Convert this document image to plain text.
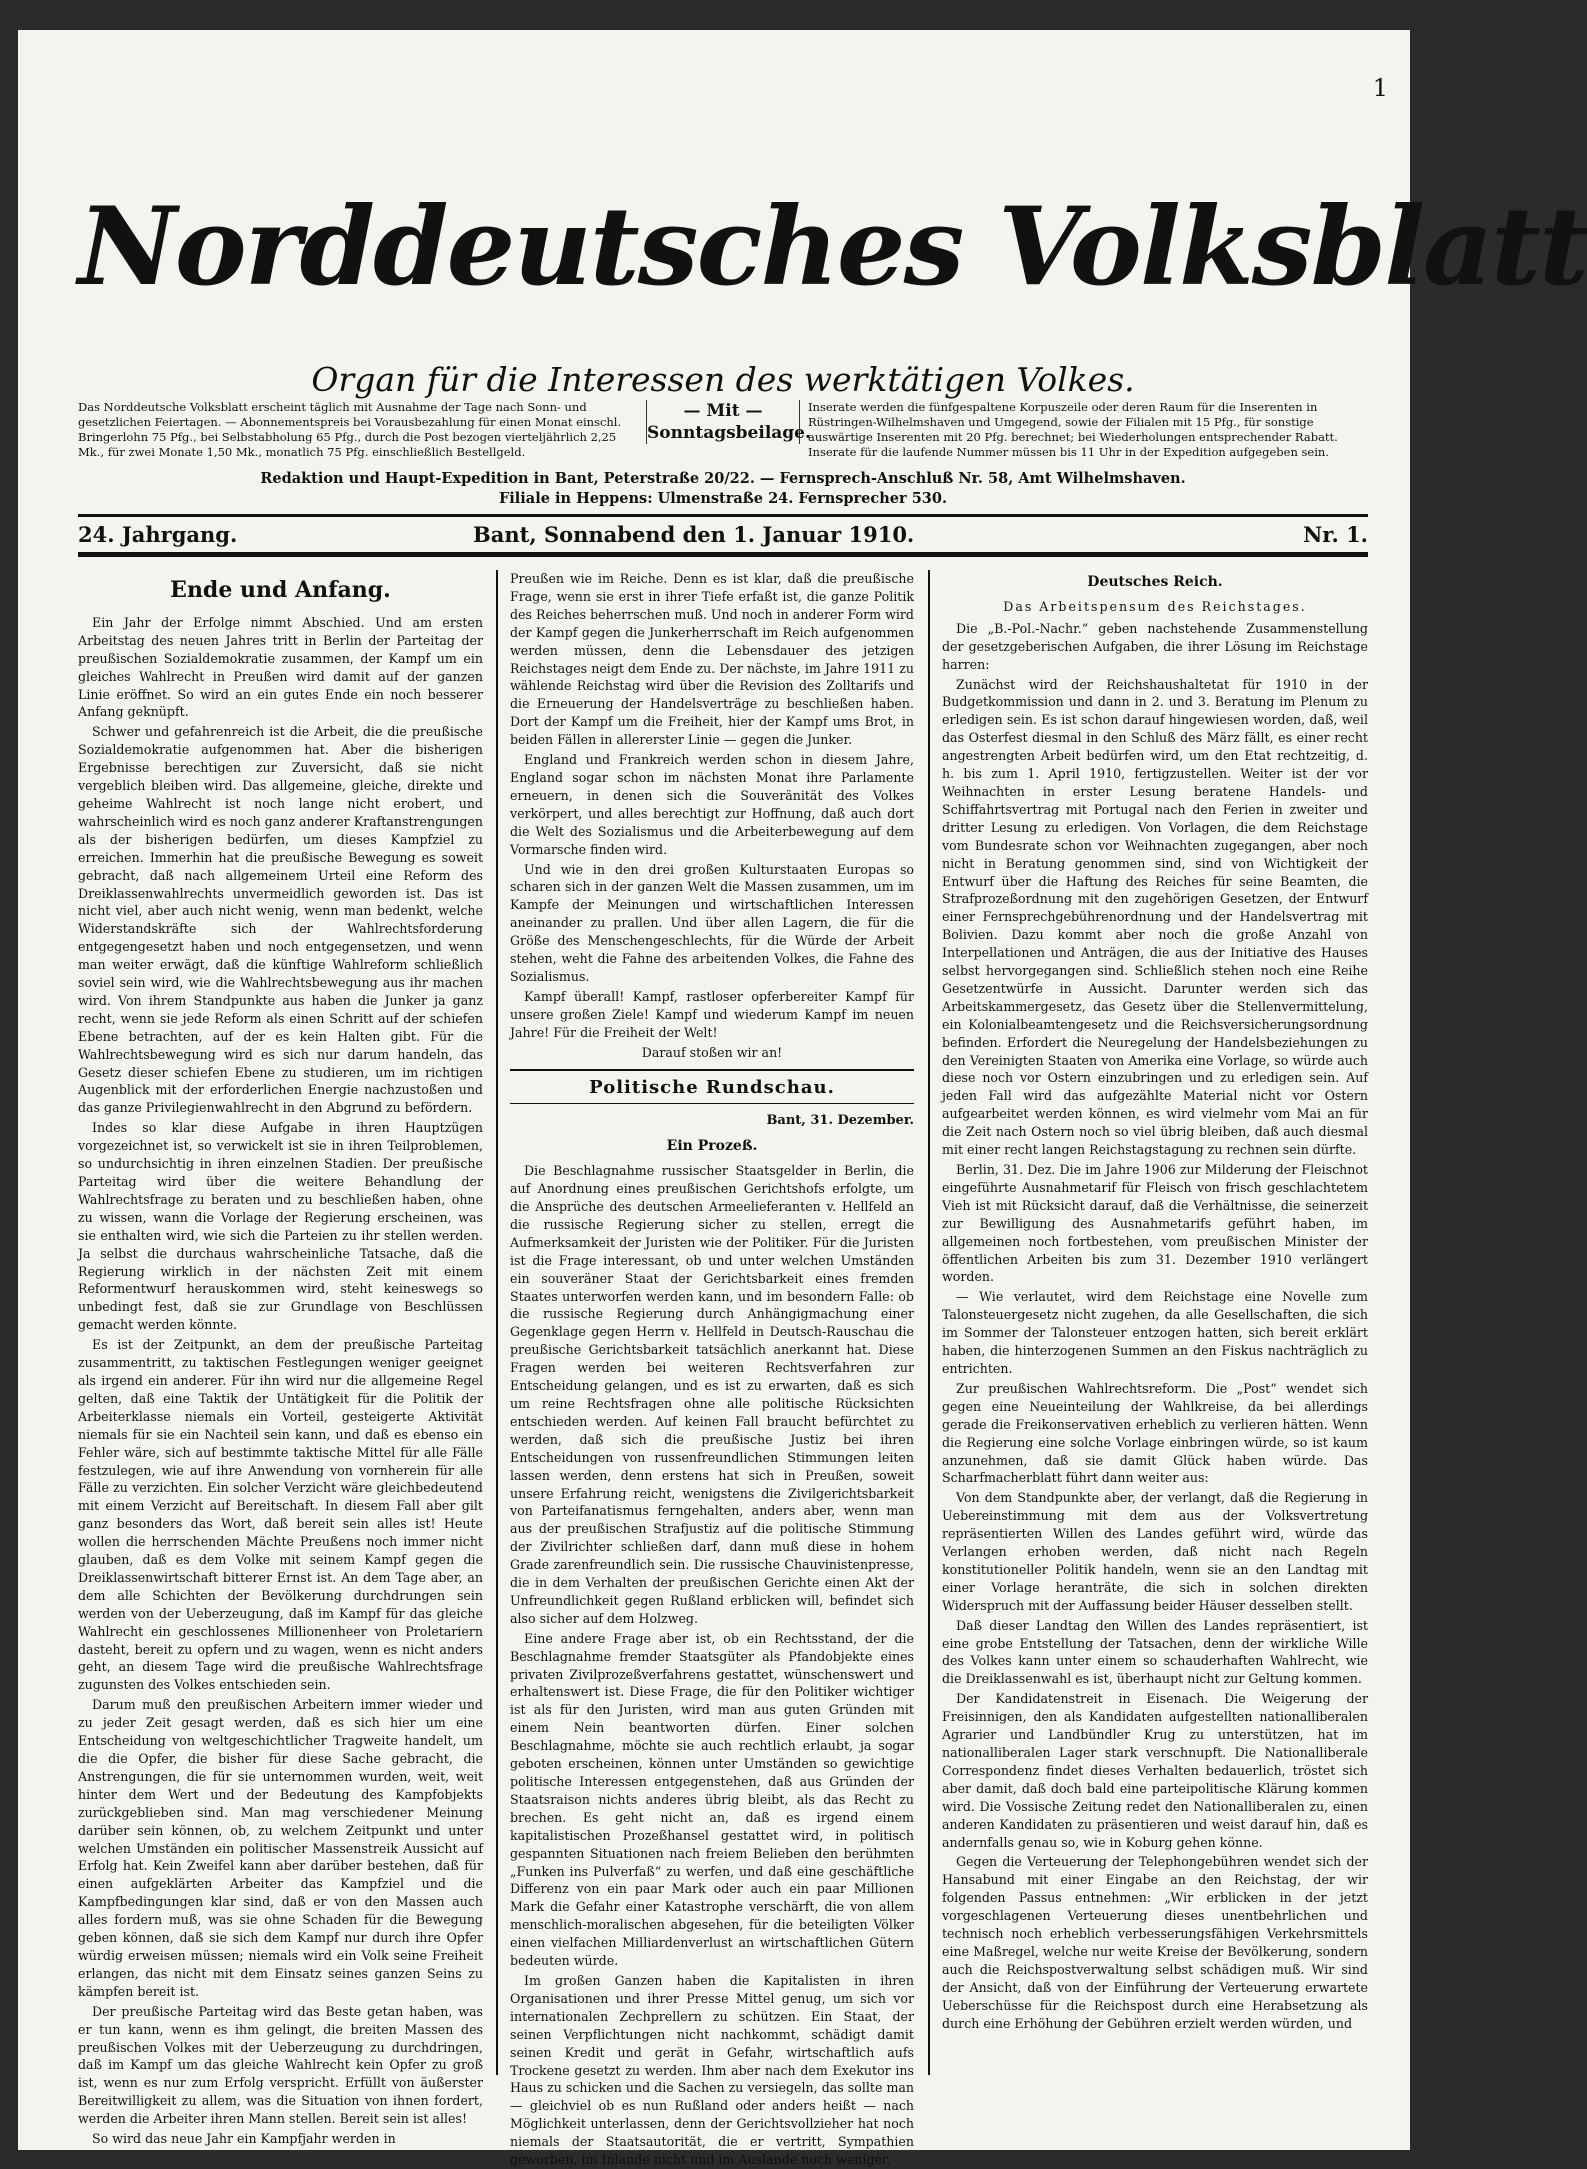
1
Norddeutsches Volksblatt
Organ für die Interessen des werktätigen Volkes.
Das Norddeutsche Volksblatt erscheint täglich mit Ausnahme der Tage nach Sonn- und gesetzlichen Feiertagen. — Abonnementspreis bei Vorausbezahlung für einen Monat einschl. Bringerlohn 75 Pfg., bei Selbstabholung 65 Pfg., durch die Post bezogen vierteljährlich 2,25 Mk., für zwei Monate 1,50 Mk., monatlich 75 Pfg. einschließlich Bestellgeld.
— Mit — Sonntagsbeilage.
Inserate werden die fünfgespaltene Korpuszeile oder deren Raum für die Inserenten in Rüstringen-Wilhelmshaven und Umgegend, sowie der Filialen mit 15 Pfg., für sonstige auswärtige Inserenten mit 20 Pfg. berechnet; bei Wiederholungen entsprechender Rabatt. Inserate für die laufende Nummer müssen bis 11 Uhr in der Expedition aufgegeben sein.
Redaktion und Haupt-Expedition in Bant, Peterstraße 20/22. — Fernsprech-Anschluß Nr. 58, Amt Wilhelmshaven.
Filiale in Heppens: Ulmenstraße 24. Fernsprecher 530.
24. Jahrgang.	Bant, Sonnabend den 1. Januar 1910.	Nr. 1.
Ende und Anfang.

Ein Jahr der Erfolge nimmt Abschied. Und am ersten Arbeitstag des neuen Jahres tritt in Berlin der Parteitag der preußischen Sozialdemokratie zusammen, der Kampf um ein gleiches Wahlrecht in Preußen wird damit auf der ganzen Linie eröffnet. So wird an ein gutes Ende ein noch besserer Anfang geknüpft.

Schwer und gefahrenreich ist die Arbeit, die die preußische Sozialdemokratie aufgenommen hat. Aber die bisherigen Ergebnisse berechtigen zur Zuversicht, daß sie nicht vergeblich bleiben wird. Das allgemeine, gleiche, direkte und geheime Wahlrecht ist noch lange nicht erobert, und wahrscheinlich wird es noch ganz anderer Kraftanstrengungen als der bisherigen bedürfen, um dieses Kampfziel zu erreichen. Immerhin hat die preußische Bewegung es soweit gebracht, daß nach allgemeinem Urteil eine Reform des Dreiklassenwahlrechts unvermeidlich geworden ist. Das ist nicht viel, aber auch nicht wenig, wenn man bedenkt, welche Widerstandskräfte sich der Wahlrechtsforderung entgegengesetzt haben und noch entgegensetzen, und wenn man weiter erwägt, daß die künftige Wahlreform schließlich soviel sein wird, wie die Wahlrechtsbewegung aus ihr machen wird. Von ihrem Standpunkte aus haben die Junker ja ganz recht, wenn sie jede Reform als einen Schritt auf der schiefen Ebene betrachten, auf der es kein Halten gibt. Für die Wahlrechtsbewegung wird es sich nur darum handeln, das Gesetz dieser schiefen Ebene zu studieren, um im richtigen Augenblick mit der erforderlichen Energie nachzustoßen und das ganze Privilegienwahlrecht in den Abgrund zu befördern.

Indes so klar diese Aufgabe in ihren Hauptzügen vorgezeichnet ist, so verwickelt ist sie in ihren Teilproblemen, so undurchsichtig in ihren einzelnen Stadien. Der preußische Parteitag wird über die weitere Behandlung der Wahlrechtsfrage zu beraten und zu beschließen haben, ohne zu wissen, wann die Vorlage der Regierung erscheinen, was sie enthalten wird, wie sich die Parteien zu ihr stellen werden. Ja selbst die durchaus wahrscheinliche Tatsache, daß die Regierung wirklich in der nächsten Zeit mit einem Reformentwurf herauskommen wird, steht keineswegs so unbedingt fest, daß sie zur Grundlage von Beschlüssen gemacht werden könnte.

Es ist der Zeitpunkt, an dem der preußische Parteitag zusammentritt, zu taktischen Festlegungen weniger geeignet als irgend ein anderer. Für ihn wird nur die allgemeine Regel gelten, daß eine Taktik der Untätigkeit für die Politik der Arbeiterklasse niemals ein Vorteil, gesteigerte Aktivität niemals für sie ein Nachteil sein kann, und daß es ebenso ein Fehler wäre, sich auf bestimmte taktische Mittel für alle Fälle festzulegen, wie auf ihre Anwendung von vornherein für alle Fälle zu verzichten. Ein solcher Verzicht wäre gleichbedeutend mit einem Verzicht auf Bereitschaft. In diesem Fall aber gilt ganz besonders das Wort, daß bereit sein alles ist! Heute wollen die herrschenden Mächte Preußens noch immer nicht glauben, daß es dem Volke mit seinem Kampf gegen die Dreiklassenwirtschaft bitterer Ernst ist. An dem Tage aber, an dem alle Schichten der Bevölkerung durchdrungen sein werden von der Ueberzeugung, daß im Kampf für das gleiche Wahlrecht ein geschlossenes Millionenheer von Proletariern dasteht, bereit zu opfern und zu wagen, wenn es nicht anders geht, an diesem Tage wird die preußische Wahlrechtsfrage zugunsten des Volkes entschieden sein.

Darum muß den preußischen Arbeitern immer wieder und zu jeder Zeit gesagt werden, daß es sich hier um eine Entscheidung von weltgeschichtlicher Tragweite handelt, um die die Opfer, die bisher für diese Sache gebracht, die Anstrengungen, die für sie unternommen wurden, weit, weit hinter dem Wert und der Bedeutung des Kampfobjekts zurückgeblieben sind. Man mag verschiedener Meinung darüber sein können, ob, zu welchem Zeitpunkt und unter welchen Umständen ein politischer Massenstreik Aussicht auf Erfolg hat. Kein Zweifel kann aber darüber bestehen, daß für einen aufgeklärten Arbeiter das Kampfziel und die Kampfbedingungen klar sind, daß er von den Massen auch alles fordern muß, was sie ohne Schaden für die Bewegung geben können, daß sie sich dem Kampf nur durch ihre Opfer würdig erweisen müssen; niemals wird ein Volk seine Freiheit erlangen, das nicht mit dem Einsatz seines ganzen Seins zu kämpfen bereit ist.

Der preußische Parteitag wird das Beste getan haben, was er tun kann, wenn es ihm gelingt, die breiten Massen des preußischen Volkes mit der Ueberzeugung zu durchdringen, daß im Kampf um das gleiche Wahlrecht kein Opfer zu groß ist, wenn es nur zum Erfolg verspricht. Erfüllt von äußerster Bereitwilligkeit zu allem, was die Situation von ihnen fordert, werden die Arbeiter ihren Mann stellen. Bereit sein ist alles!

So wird das neue Jahr ein Kampfjahr werden in

Preußen wie im Reiche. Denn es ist klar, daß die preußische Frage, wenn sie erst in ihrer Tiefe erfaßt ist, die ganze Politik des Reiches beherrschen muß. Und noch in anderer Form wird der Kampf gegen die Junkerherrschaft im Reich aufgenommen werden müssen, denn die Lebensdauer des jetzigen Reichstages neigt dem Ende zu. Der nächste, im Jahre 1911 zu wählende Reichstag wird über die Revision des Zolltarifs und die Erneuerung der Handelsverträge zu beschließen haben. Dort der Kampf um die Freiheit, hier der Kampf ums Brot, in beiden Fällen in allererster Linie — gegen die Junker.

England und Frankreich werden schon in diesem Jahre, England sogar schon im nächsten Monat ihre Parlamente erneuern, in denen sich die Souveränität des Volkes verkörpert, und alles berechtigt zur Hoffnung, daß auch dort die Welt des Sozialismus und die Arbeiterbewegung auf dem Vormarsche finden wird.

Und wie in den drei großen Kulturstaaten Europas so scharen sich in der ganzen Welt die Massen zusammen, um im Kampfe der Meinungen und wirtschaftlichen Interessen aneinander zu prallen. Und über allen Lagern, die für die Größe des Menschengeschlechts, für die Würde der Arbeit stehen, weht die Fahne des arbeitenden Volkes, die Fahne des Sozialismus.

Kampf überall! Kampf, rastloser opferbereiter Kampf für unsere großen Ziele! Kampf und wiederum Kampf im neuen Jahre! Für die Freiheit der Welt!

Darauf stoßen wir an!

Politische Rundschau.
Bant, 31. Dezember.
Ein Prozeß.

Die Beschlagnahme russischer Staatsgelder in Berlin, die auf Anordnung eines preußischen Gerichtshofs erfolgte, um die Ansprüche des deutschen Armeelieferanten v. Hellfeld an die russische Regierung sicher zu stellen, erregt die Aufmerksamkeit der Juristen wie der Politiker. Für die Juristen ist die Frage interessant, ob und unter welchen Umständen ein souveräner Staat der Gerichtsbarkeit eines fremden Staates unterworfen werden kann, und im besondern Falle: ob die russische Regierung durch Anhängigmachung einer Gegenklage gegen Herrn v. Hellfeld in Deutsch-Rauschau die preußische Gerichtsbarkeit tatsächlich anerkannt hat. Diese Fragen werden bei weiteren Rechtsverfahren zur Entscheidung gelangen, und es ist zu erwarten, daß es sich um reine Rechtsfragen ohne alle politische Rücksichten entschieden werden. Auf keinen Fall braucht befürchtet zu werden, daß sich die preußische Justiz bei ihren Entscheidungen von russenfreundlichen Stimmungen leiten lassen werden, denn erstens hat sich in Preußen, soweit unsere Erfahrung reicht, wenigstens die Zivilgerichtsbarkeit von Parteifanatismus ferngehalten, anders aber, wenn man aus der preußischen Strafjustiz auf die politische Stimmung der Zivilrichter schließen darf, dann muß diese in hohem Grade zarenfreundlich sein. Die russische Chauvinistenpresse, die in dem Verhalten der preußischen Gerichte einen Akt der Unfreundlichkeit gegen Rußland erblicken will, befindet sich also sicher auf dem Holzweg.

Eine andere Frage aber ist, ob ein Rechtsstand, der die Beschlagnahme fremder Staatsgüter als Pfandobjekte eines privaten Zivilprozeßverfahrens gestattet, wünschenswert und erhaltenswert ist. Diese Frage, die für den Politiker wichtiger ist als für den Juristen, wird man aus guten Gründen mit einem Nein beantworten dürfen. Einer solchen Beschlagnahme, möchte sie auch rechtlich erlaubt, ja sogar geboten erscheinen, können unter Umständen so gewichtige politische Interessen entgegenstehen, daß aus Gründen der Staatsraison nichts anderes übrig bleibt, als das Recht zu brechen. Es geht nicht an, daß es irgend einem kapitalistischen Prozeßhansel gestattet wird, in politisch gespannten Situationen nach freiem Belieben den berühmten „Funken ins Pulverfaß“ zu werfen, und daß eine geschäftliche Differenz von ein paar Mark oder auch ein paar Millionen Mark die Gefahr einer Katastrophe verschärft, die von allem menschlich-moralischen abgesehen, für die beteiligten Völker einen vielfachen Milliardenverlust an wirtschaftlichen Gütern bedeuten würde.

Im großen Ganzen haben die Kapitalisten in ihren Organisationen und ihrer Presse Mittel genug, um sich vor internationalen Zechprellern zu schützen. Ein Staat, der seinen Verpflichtungen nicht nachkommt, schädigt damit seinen Kredit und gerät in Gefahr, wirtschaftlich aufs Trockene gesetzt zu werden. Ihm aber nach dem Exekutor ins Haus zu schicken und die Sachen zu versiegeln, das sollte man — gleichviel ob es nun Rußland oder anders heißt — nach Möglichkeit unterlassen, denn der Gerichtsvollzieher hat noch niemals der Staatsautorität, die er vertritt, Sympathien geworben, im Inlande nicht und im Auslande noch weniger.

Deutsches Reich.
Das Arbeitspensum des Reichstages.

Die „B.-Pol.-Nachr.“ geben nachstehende Zusammenstellung der gesetzgeberischen Aufgaben, die ihrer Lösung im Reichstage harren:

Zunächst wird der Reichshaushaltetat für 1910 in der Budgetkommission und dann in 2. und 3. Beratung im Plenum zu erledigen sein. Es ist schon darauf hingewiesen worden, daß, weil das Osterfest diesmal in den Schluß des März fällt, es einer recht angestrengten Arbeit bedürfen wird, um den Etat rechtzeitig, d. h. bis zum 1. April 1910, fertigzustellen. Weiter ist der vor Weihnachten in erster Lesung beratene Handels- und Schiffahrtsvertrag mit Portugal nach den Ferien in zweiter und dritter Lesung zu erledigen. Von Vorlagen, die dem Reichstage vom Bundesrate schon vor Weihnachten zugegangen, aber noch nicht in Beratung genommen sind, sind von Wichtigkeit der Entwurf über die Haftung des Reiches für seine Beamten, die Strafprozeßordnung mit den zugehörigen Gesetzen, der Entwurf einer Fernsprechgebührenordnung und der Handelsvertrag mit Bolivien. Dazu kommt aber noch die große Anzahl von Interpellationen und Anträgen, die aus der Initiative des Hauses selbst hervorgegangen sind. Schließlich stehen noch eine Reihe Gesetzentwürfe in Aussicht. Darunter werden sich das Arbeitskammergesetz, das Gesetz über die Stellenvermittelung, ein Kolonialbeamtengesetz und die Reichsversicherungsordnung befinden. Erfordert die Neuregelung der Handelsbeziehungen zu den Vereinigten Staaten von Amerika eine Vorlage, so würde auch diese noch vor Ostern einzubringen und zu erledigen sein. Auf jeden Fall wird das aufgezählte Material nicht vor Ostern aufgearbeitet werden können, es wird vielmehr vom Mai an für die Zeit nach Ostern noch so viel übrig bleiben, daß auch diesmal mit einer recht langen Reichstagstagung zu rechnen sein dürfte.

Berlin, 31. Dez. Die im Jahre 1906 zur Milderung der Fleischnot eingeführte Ausnahmetarif für Fleisch von frisch geschlachtetem Vieh ist mit Rücksicht darauf, daß die Verhältnisse, die seinerzeit zur Bewilligung des Ausnahmetarifs geführt haben, im allgemeinen noch fortbestehen, vom preußischen Minister der öffentlichen Arbeiten bis zum 31. Dezember 1910 verlängert worden.

— Wie verlautet, wird dem Reichstage eine Novelle zum Talonsteuergesetz nicht zugehen, da alle Gesellschaften, die sich im Sommer der Talonsteuer entzogen hatten, sich bereit erklärt haben, die hinterzogenen Summen an den Fiskus nachträglich zu entrichten.

Zur preußischen Wahlrechtsreform. Die „Post“ wendet sich gegen eine Neueinteilung der Wahlkreise, da bei allerdings gerade die Freikonservativen erheblich zu verlieren hätten. Wenn die Regierung eine solche Vorlage einbringen würde, so ist kaum anzunehmen, daß sie damit Glück haben würde. Das Scharfmacherblatt führt dann weiter aus:

Von dem Standpunkte aber, der verlangt, daß die Regierung in Uebereinstimmung mit dem aus der Volksvertretung repräsentierten Willen des Landes geführt wird, würde das Verlangen erhoben werden, daß nicht nach Regeln konstitutioneller Politik handeln, wenn sie an den Landtag mit einer Vorlage heranträte, die sich in solchen direkten Widerspruch mit der Auffassung beider Häuser desselben stellt.

Daß dieser Landtag den Willen des Landes repräsentiert, ist eine grobe Entstellung der Tatsachen, denn der wirkliche Wille des Volkes kann unter einem so schauderhaften Wahlrecht, wie die Dreiklassenwahl es ist, überhaupt nicht zur Geltung kommen.

Der Kandidatenstreit in Eisenach. Die Weigerung der Freisinnigen, den als Kandidaten aufgestellten nationalliberalen Agrarier und Landbündler Krug zu unterstützen, hat im nationalliberalen Lager stark verschnupft. Die Nationalliberale Correspondenz findet dieses Verhalten bedauerlich, tröstet sich aber damit, daß doch bald eine parteipolitische Klärung kommen wird. Die Vossische Zeitung redet den Nationalliberalen zu, einen anderen Kandidaten zu präsentieren und weist darauf hin, daß es andernfalls genau so, wie in Koburg gehen könne.

Gegen die Verteuerung der Telephongebühren wendet sich der Hansabund mit einer Eingabe an den Reichstag, der wir folgenden Passus entnehmen: „Wir erblicken in der jetzt vorgeschlagenen Verteuerung dieses unentbehrlichen und technisch noch erheblich verbesserungsfähigen Verkehrsmittels eine Maßregel, welche nur weite Kreise der Bevölkerung, sondern auch die Reichspostverwaltung selbst schädigen muß. Wir sind der Ansicht, daß von der Einführung der Verteuerung erwartete Ueberschüsse für die Reichspost durch eine Herabsetzung als durch eine Erhöhung der Gebühren erzielt werden würden, und
